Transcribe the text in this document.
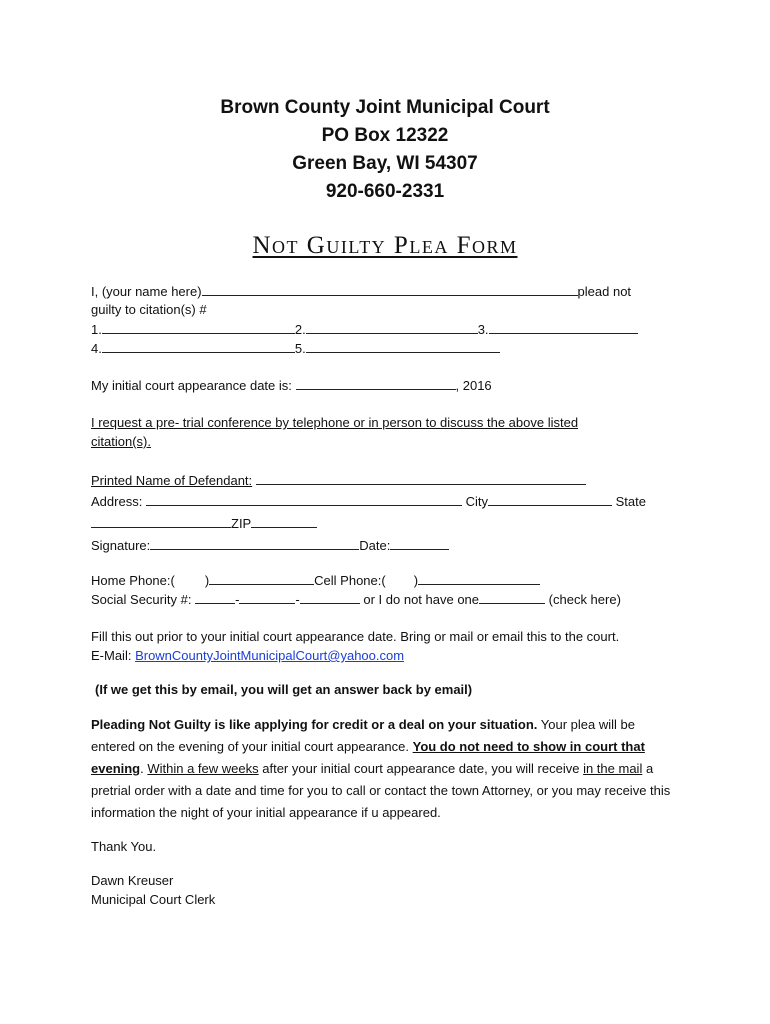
Brown County Joint Municipal Court
PO Box 12322
Green Bay, WI 54307
920-660-2331
Not Guilty Plea Form
I, (your name here)	plead not
guilty to citation(s) #
1.	2.	3.
4.	5.
My initial court appearance date is:	, 2016
I request a pre- trial conference by telephone or in person to discuss the above listed
citation(s).
Printed Name of Defendant:
Address:	City	State
ZIP
Signature:	Date:
Home Phone:( )	Cell Phone:( )
Social Security #:	-	-	or I do not have one	(check here)
Fill this out prior to your initial court appearance date. Bring or mail or email this to the court.
E-Mail: BrownCountyJointMunicipalCourt@yahoo.com
(If we get this by email, you will get an answer back by email)
Pleading Not Guilty is like applying for credit or a deal on your situation. Your plea will be entered on the evening of your initial court appearance. You do not need to show in court that evening. Within a few weeks after your initial court appearance date, you will receive in the mail a pretrial order with a date and time for you to call or contact the town Attorney, or you may receive this information the night of your initial appearance if u appeared.
Thank You.
Dawn Kreuser
Municipal Court Clerk
